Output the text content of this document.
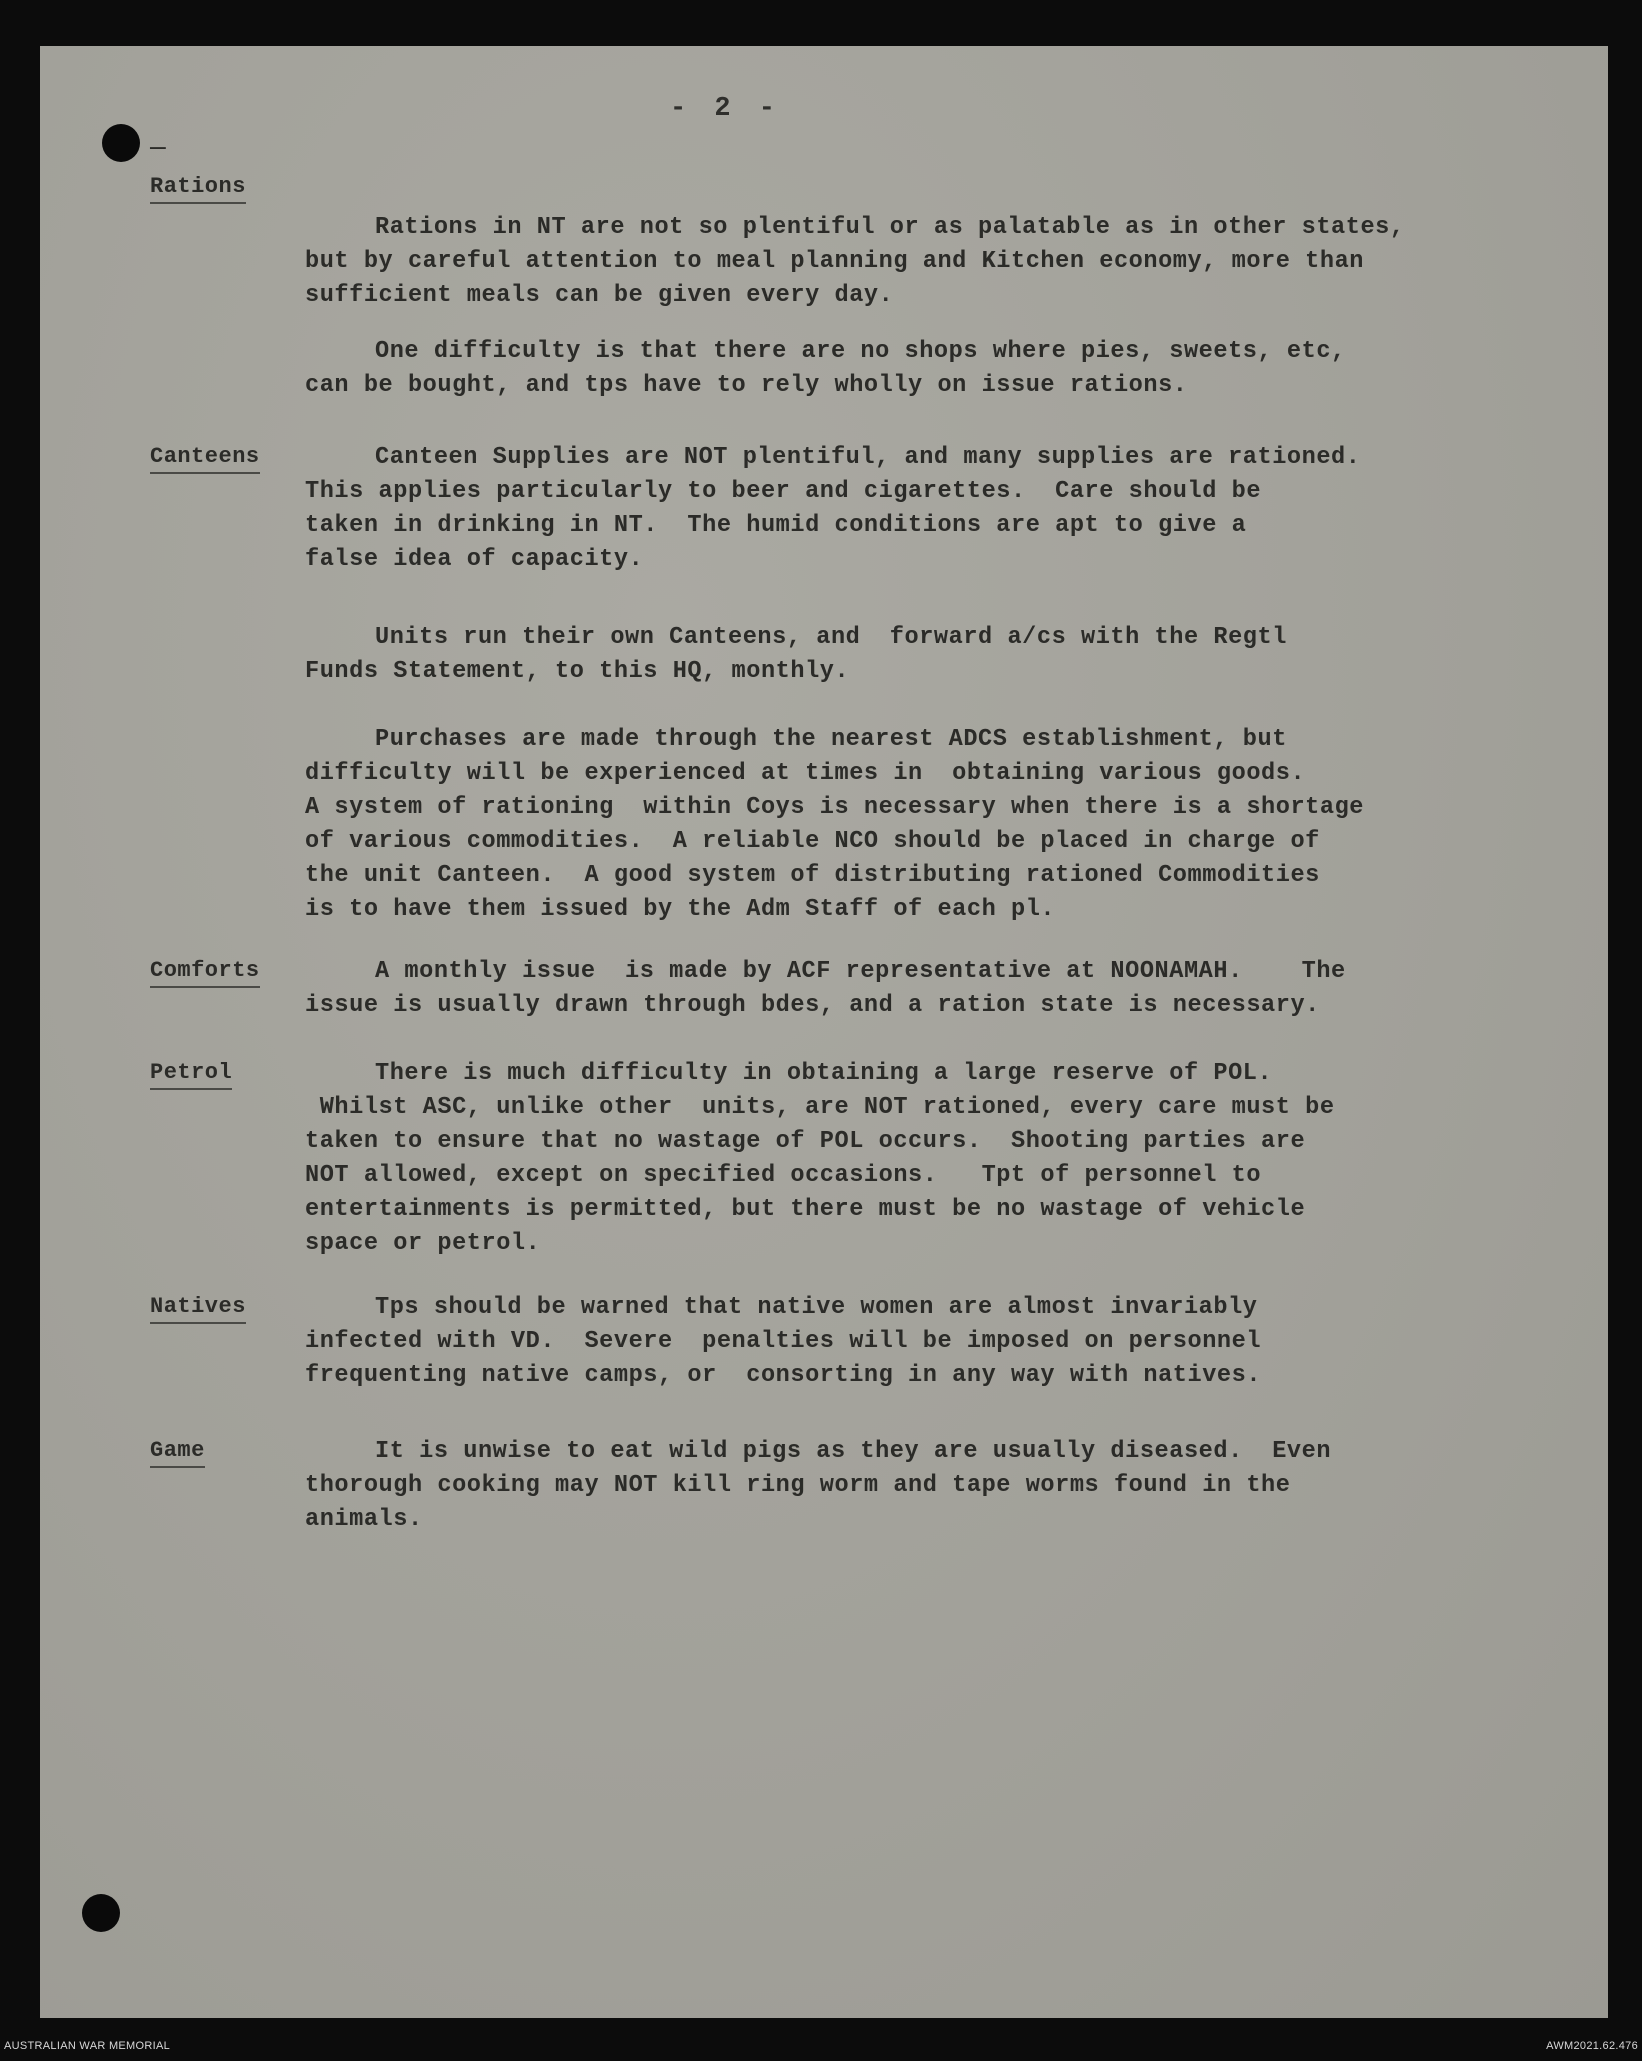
─
- 2 -
Rations
Rations in NT are not so plentiful or as palatable as in other states,
but by careful attention to meal planning and Kitchen economy, more than
sufficient meals can be given every day.
One difficulty is that there are no shops where pies, sweets, etc,
can be bought, and tps have to rely wholly on issue rations.
Canteens	Canteen Supplies are NOT plentiful, and many supplies are rationed.
This applies particularly to beer and cigarettes.  Care should be
taken in drinking in NT.  The humid conditions are apt to give a
false idea of capacity.
Units run their own Canteens, and  forward a/cs with the Regtl
Funds Statement, to this HQ, monthly.
Purchases are made through the nearest ADCS establishment, but
difficulty will be experienced at times in  obtaining various goods.
A system of rationing  within Coys is necessary when there is a shortage
of various commodities.  A reliable NCO should be placed in charge of
the unit Canteen.  A good system of distributing rationed Commodities
is to have them issued by the Adm Staff of each pl.
Comforts	A monthly issue  is made by ACF representative at NOONAMAH.    The
issue is usually drawn through bdes, and a ration state is necessary.
Petrol	There is much difficulty in obtaining a large reserve of POL.
Whilst ASC, unlike other  units, are NOT rationed, every care must be
taken to ensure that no wastage of POL occurs.  Shooting parties are
NOT allowed, except on specified occasions.   Tpt of personnel to
entertainments is permitted, but there must be no wastage of vehicle
space or petrol.
Natives	Tps should be warned that native women are almost invariably
infected with VD.  Severe  penalties will be imposed on personnel
frequenting native camps, or  consorting in any way with natives.
Game	It is unwise to eat wild pigs as they are usually diseased.  Even
thorough cooking may NOT kill ring worm and tape worms found in the
animals.
AUSTRALIAN WAR MEMORIAL	AWM2021.62.476
